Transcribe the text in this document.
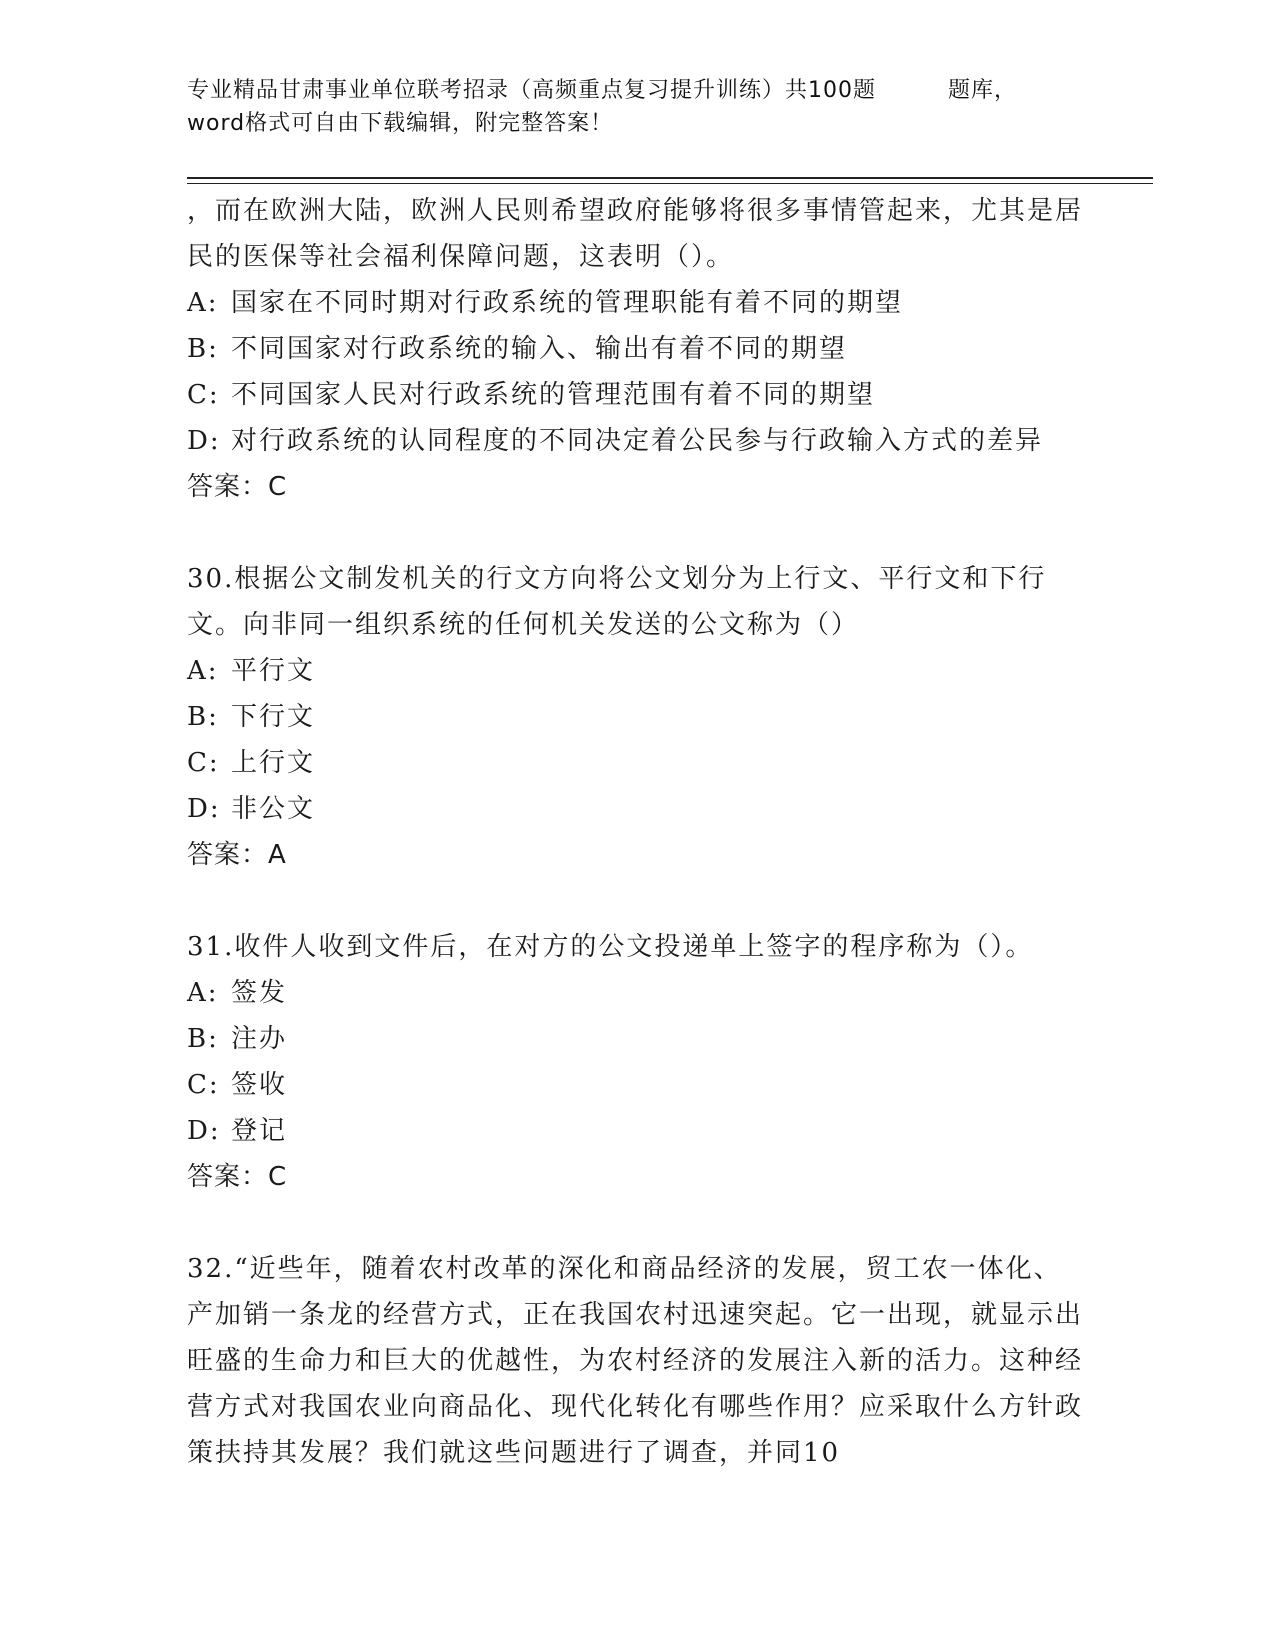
专业精品甘肃事业单位联考招录（高频重点复习提升训练）共100题	题库，
word格式可自由下载编辑，附完整答案！

，而在欧洲大陆，欧洲人民则希望政府能够将很多事情管起来，尤其是居民的医保等社会福利保障问题，这表明（）。

A: 国家在不同时期对行政系统的管理职能有着不同的期望

B: 不同国家对行政系统的输入、输出有着不同的期望

C: 不同国家人民对行政系统的管理范围有着不同的期望

D: 对行政系统的认同程度的不同决定着公民参与行政输入方式的差异

答案：C

30.根据公文制发机关的行文方向将公文划分为上行文、平行文和下行文。向非同一组织系统的任何机关发送的公文称为（）

A: 平行文

B: 下行文

C: 上行文

D: 非公文

答案：A

31.收件人收到文件后，在对方的公文投递单上签字的程序称为（）。

A: 签发

B: 注办

C: 签收

D: 登记

答案：C

32.“近些年，随着农村改革的深化和商品经济的发展，贸工农一体化、产加销一条龙的经营方式，正在我国农村迅速突起。它一出现，就显示出旺盛的生命力和巨大的优越性，为农村经济的发展注入新的活力。这种经营方式对我国农业向商品化、现代化转化有哪些作用？应采取什么方针政策扶持其发展？我们就这些问题进行了调查，并同10
